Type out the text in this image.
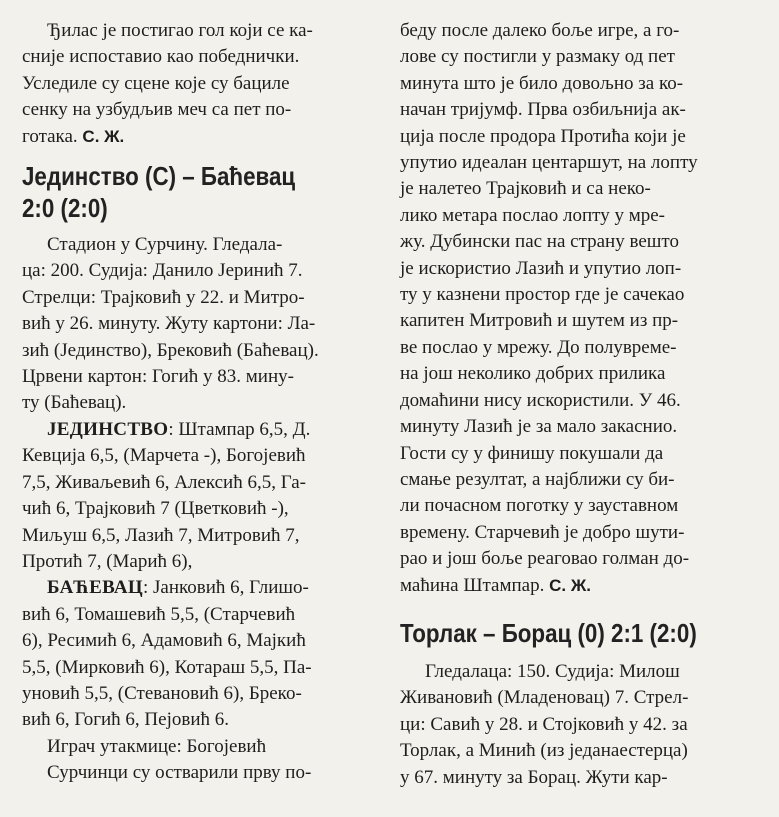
Ђилас је постигао гол који се ка-
сније испоставио као победнички.
Уследиле су сцене које су бациле
сенку на узбудљив меч са пет по-
готака. С. Ж.

Јединство (С) – Баћевац
2:0 (2:0)

Стадион у Сурчину. Гледала-
ца: 200. Судија: Данило Јеринић 7.
Стрелци: Трајковић у 22. и Митро-
вић у 26. минуту. Жуту картони: Ла-
зић (Јединство), Брековић (Баћевац).
Црвени картон: Гогић у 83. мину-
ту (Баћевац).

ЈЕДИНСТВО: Штампар 6,5, Д.
Кевција 6,5, (Марчета -), Богојевић
7,5, Живаљевић 6, Алексић 6,5, Га-
чић 6, Трајковић 7 (Цветковић -),
Миљуш 6,5, Лазић 7, Митровић 7,
Протић 7, (Марић 6),

БАЋЕВАЦ: Јанковић 6, Глишо-
вић 6, Томашевић 5,5, (Старчевић
6), Ресимић 6, Адамовић 6, Мајкић
5,5, (Мирковић 6), Котараш 5,5, Па-
уновић 5,5, (Стевановић 6), Бреко-
вић 6, Гогић 6, Пејовић 6.

Играч утакмице: Богојевић

Сурчинци су остварили прву по-

беду после далеко боље игре, а го-
лове су постигли у размаку од пет
минута што је било довољно за ко-
начан тријумф. Прва озбиљнија ак-
ција после продора Протића који је
упутио идеалан центаршут, на лопту
је налетео Трајковић и са неко-
лико метара послао лопту у мре-
жу. Дубински пас на страну вешто
је искористио Лазић и упутио лоп-
ту у казнени простор где је сачекао
капитен Митровић и шутем из пр-
ве послао у мрежу. До полувреме-
на још неколико добрих прилика
домаћини нису искористили. У 46.
минуту Лазић је за мало закаснио.
Гости су у финишу покушали да
смање резултат, а најближи су би-
ли почасном поготку у зауставном
времену. Старчевић је добро шути-
рао и још боље реаговао голман до-
маћина Штампар. С. Ж.

Торлак – Борац (0) 2:1 (2:0)

Гледалаца: 150. Судија: Милош
Живановић (Младеновац) 7. Стрел-
ци: Савић у 28. и Стојковић у 42. за
Торлак, а Минић (из једанаестерца)
у 67. минуту за Борац. Жути кар-
